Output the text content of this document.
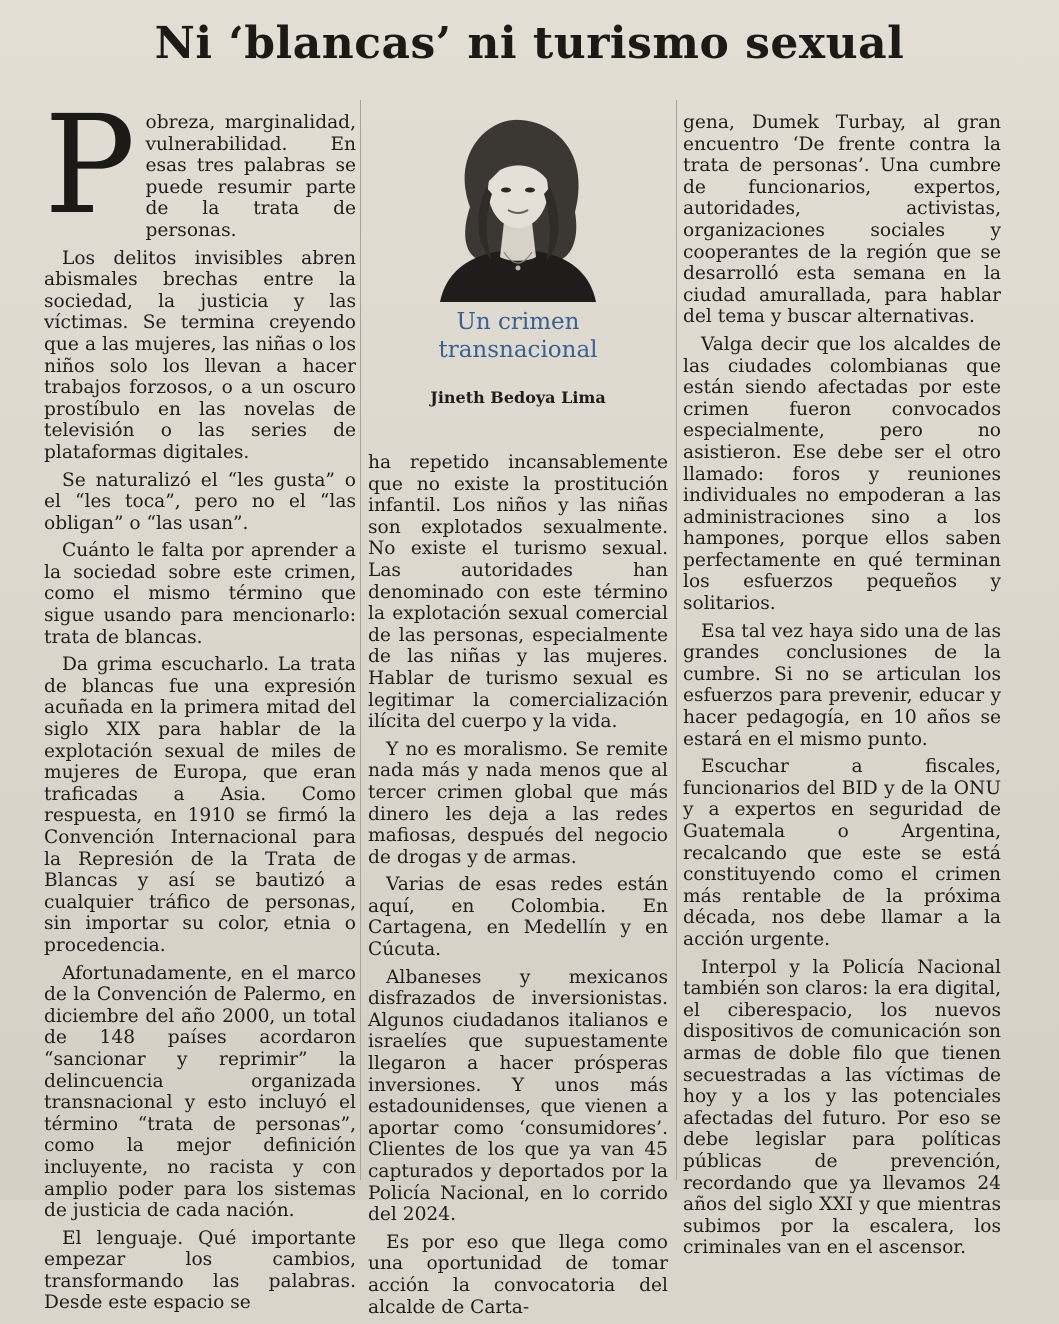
Ni ‘blancas’ ni turismo sexual
P obreza, marginalidad, vulnerabilidad. En esas tres palabras se puede resumir parte de la trata de personas.

Los delitos invisibles abren abismales brechas entre la sociedad, la justicia y las víctimas. Se termina creyendo que a las mujeres, las niñas o los niños solo los llevan a hacer trabajos forzosos, o a un oscuro prostíbulo en las novelas de televisión o las series de plataformas digitales.

Se naturalizó el “les gusta” o el “les toca”, pero no el “las obligan” o “las usan”.

Cuánto le falta por aprender a la sociedad sobre este crimen, como el mismo término que sigue usando para mencionarlo: trata de blancas.

Da grima escucharlo. La trata de blancas fue una expresión acuñada en la primera mitad del siglo XIX para hablar de la explotación sexual de miles de mujeres de Europa, que eran traficadas a Asia. Como respuesta, en 1910 se firmó la Convención Internacional para la Represión de la Trata de Blancas y así se bautizó a cualquier tráfico de personas, sin importar su color, etnia o procedencia.

Afortunadamente, en el marco de la Convención de Palermo, en diciembre del año 2000, un total de 148 países acordaron “sancionar y reprimir” la delincuencia organizada transnacional y esto incluyó el término “trata de personas”, como la mejor definición incluyente, no racista y con amplio poder para los sistemas de justicia de cada nación.

El lenguaje. Qué importante empezar los cambios, transformando las palabras. Desde este espacio se

Un crimen
transnacional

Jineth Bedoya Lima

ha repetido incansablemente que no existe la prostitución infantil. Los niños y las niñas son explotados sexualmente. No existe el turismo sexual. Las autoridades han denominado con este término la explotación sexual comercial de las personas, especialmente de las niñas y las mujeres. Hablar de turismo sexual es legitimar la comercialización ilícita del cuerpo y la vida.

Y no es moralismo. Se remite nada más y nada menos que al tercer crimen global que más dinero les deja a las redes mafiosas, después del negocio de drogas y de armas.

Varias de esas redes están aquí, en Colombia. En Cartagena, en Medellín y en Cúcuta.

Albaneses y mexicanos disfrazados de inversionistas. Algunos ciudadanos italianos e israelíes que supuestamente llegaron a hacer prósperas inversiones. Y unos más estadounidenses, que vienen a aportar como ‘consumidores’. Clientes de los que ya van 45 capturados y deportados por la Policía Nacional, en lo corrido del 2024.

Es por eso que llega como una oportunidad de tomar acción la convocatoria del alcalde de Carta-

gena, Dumek Turbay, al gran encuentro ‘De frente contra la trata de personas’. Una cumbre de funcionarios, expertos, autoridades, activistas, organizaciones sociales y cooperantes de la región que se desarrolló esta semana en la ciudad amurallada, para hablar del tema y buscar alternativas.

Valga decir que los alcaldes de las ciudades colombianas que están siendo afectadas por este crimen fueron convocados especialmente, pero no asistieron. Ese debe ser el otro llamado: foros y reuniones individuales no empoderan a las administraciones sino a los hampones, porque ellos saben perfectamente en qué terminan los esfuerzos pequeños y solitarios.

Esa tal vez haya sido una de las grandes conclusiones de la cumbre. Si no se articulan los esfuerzos para prevenir, educar y hacer pedagogía, en 10 años se estará en el mismo punto.

Escuchar a fiscales, funcionarios del BID y de la ONU y a expertos en seguridad de Guatemala o Argentina, recalcando que este se está constituyendo como el crimen más rentable de la próxima década, nos debe llamar a la acción urgente.

Interpol y la Policía Nacional también son claros: la era digital, el ciberespacio, los nuevos dispositivos de comunicación son armas de doble filo que tienen secuestradas a las víctimas de hoy y a los y las potenciales afectadas del futuro. Por eso se debe legislar para políticas públicas de prevención, recordando que ya llevamos 24 años del siglo XXI y que mientras subimos por la escalera, los criminales van en el ascensor.
